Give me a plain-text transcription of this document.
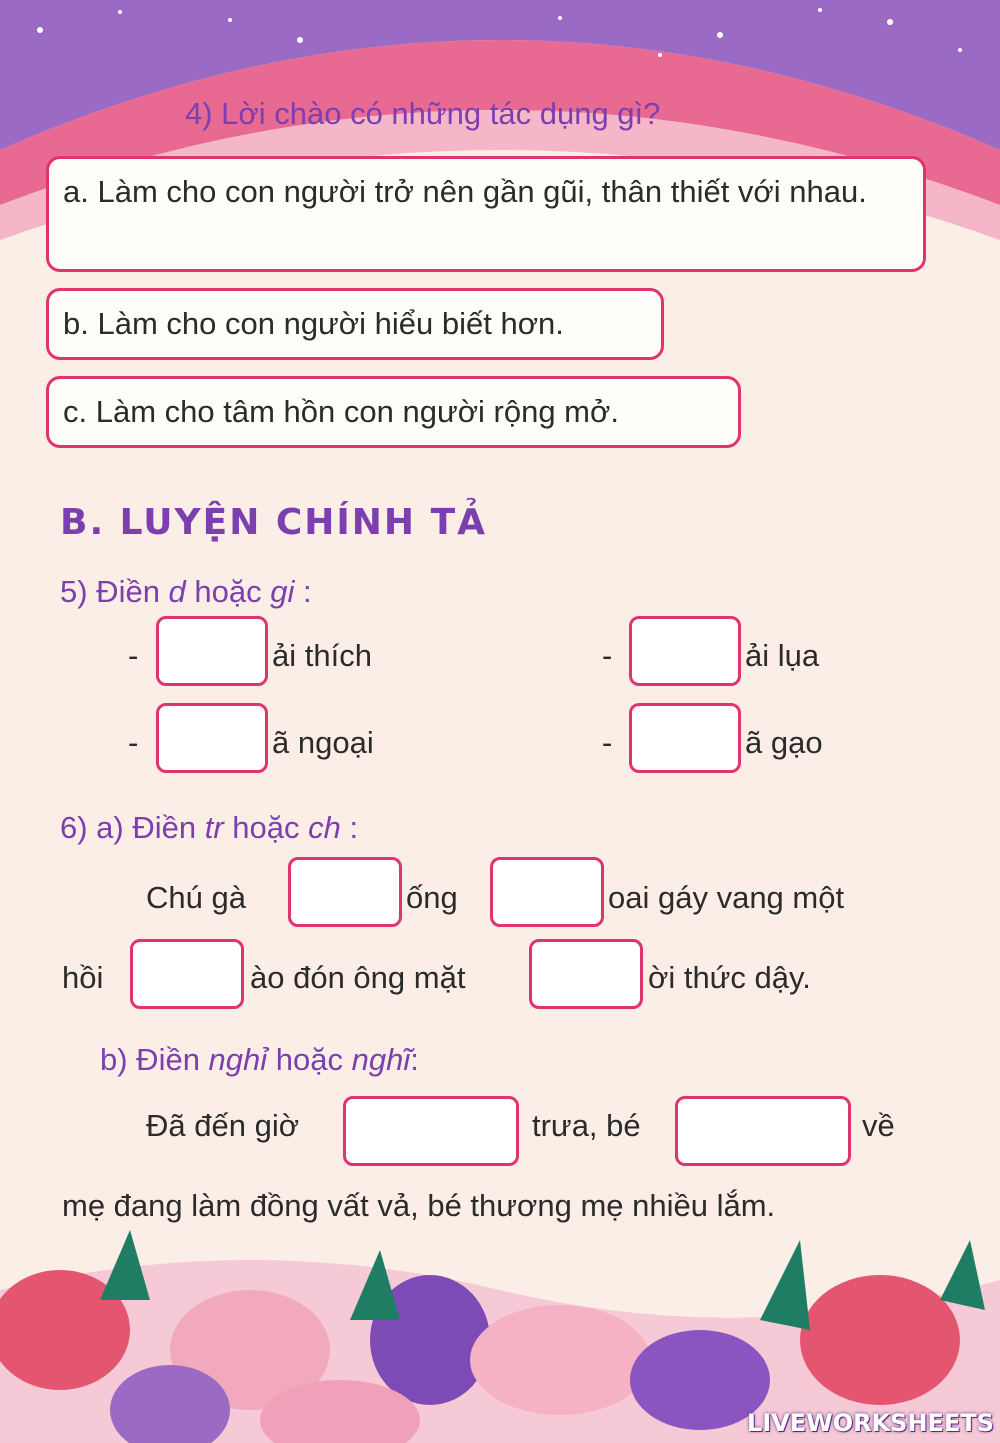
4) Lời chào có những tác dụng gì?
a. Làm cho con người trở nên gần gũi, thân thiết với nhau.
b. Làm cho con người hiểu biết hơn.
c. Làm cho tâm hồn con người rộng mở.
B. LUYỆN CHÍNH TẢ
5) Điền d hoặc gi :
-	ải thích	-	ải lụa
-	ã ngoại	-	ã gạo
6) a) Điền tr hoặc ch :
Chú gà	ống	oai gáy vang một
hồi	ào đón ông mặt	ời thức dậy.
b) Điền nghỉ hoặc nghĩ:
Đã đến giờ	trưa, bé	về
mẹ đang làm đồng vất vả, bé thương mẹ nhiều lắm.
LIVEWORKSHEETS
